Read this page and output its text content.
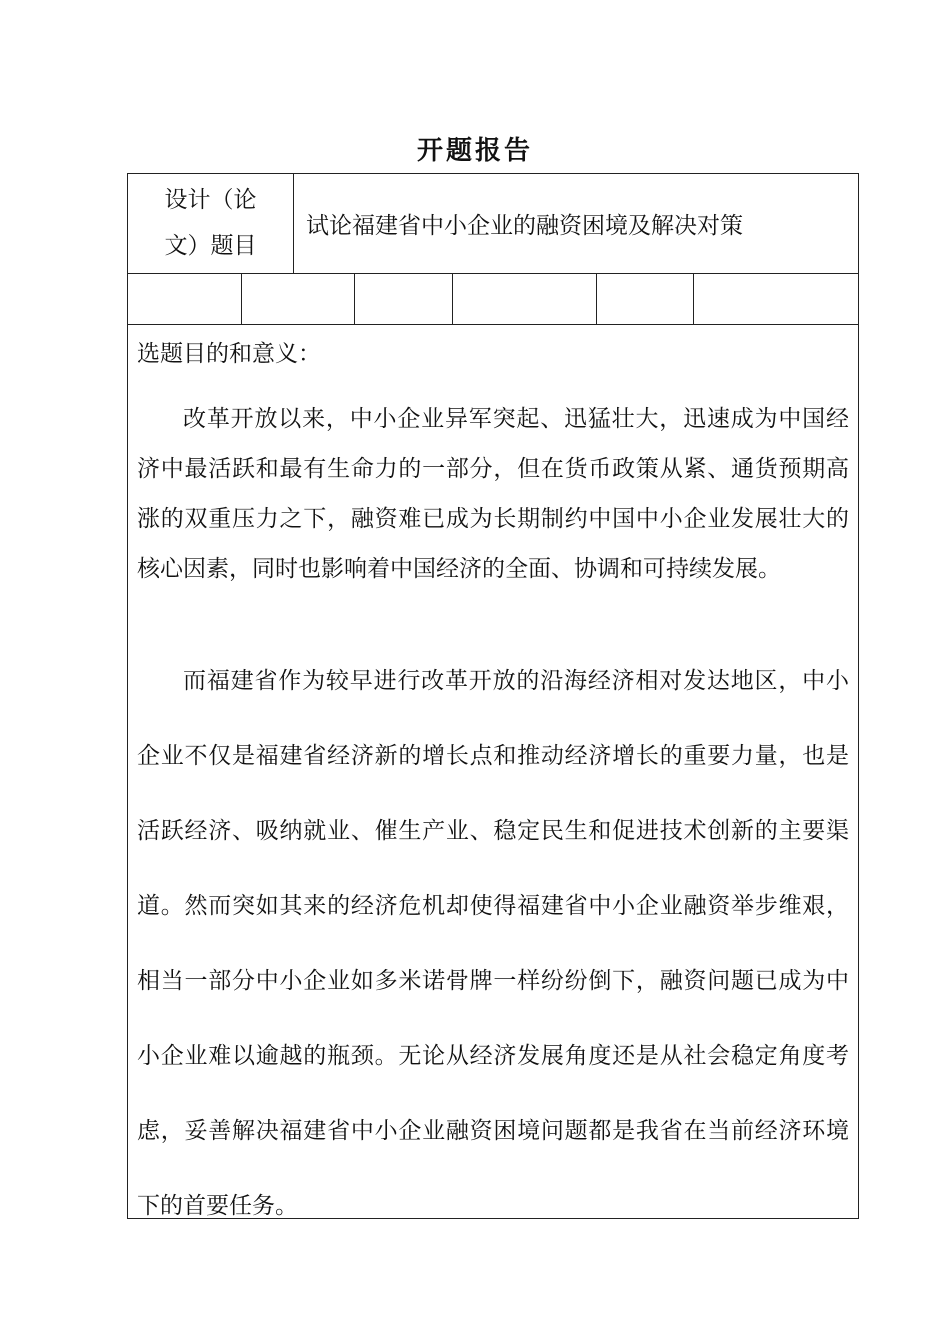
开题报告
设计（论文）题目
试论福建省中小企业的融资困境及解决对策
选题目的和意义：
改革开放以来，中小企业异军突起、迅猛壮大，迅速成为中国经济中最活跃和最有生命力的一部分，但在货币政策从紧、通货预期高涨的双重压力之下，融资难已成为长期制约中国中小企业发展壮大的核心因素，同时也影响着中国经济的全面、协调和可持续发展。
而福建省作为较早进行改革开放的沿海经济相对发达地区，中小企业不仅是福建省经济新的增长点和推动经济增长的重要力量，也是活跃经济、吸纳就业、催生产业、稳定民生和促进技术创新的主要渠道。然而突如其来的经济危机却使得福建省中小企业融资举步维艰，相当一部分中小企业如多米诺骨牌一样纷纷倒下，融资问题已成为中小企业难以逾越的瓶颈。无论从经济发展角度还是从社会稳定角度考虑，妥善解决福建省中小企业融资困境问题都是我省在当前经济环境下的首要任务。
